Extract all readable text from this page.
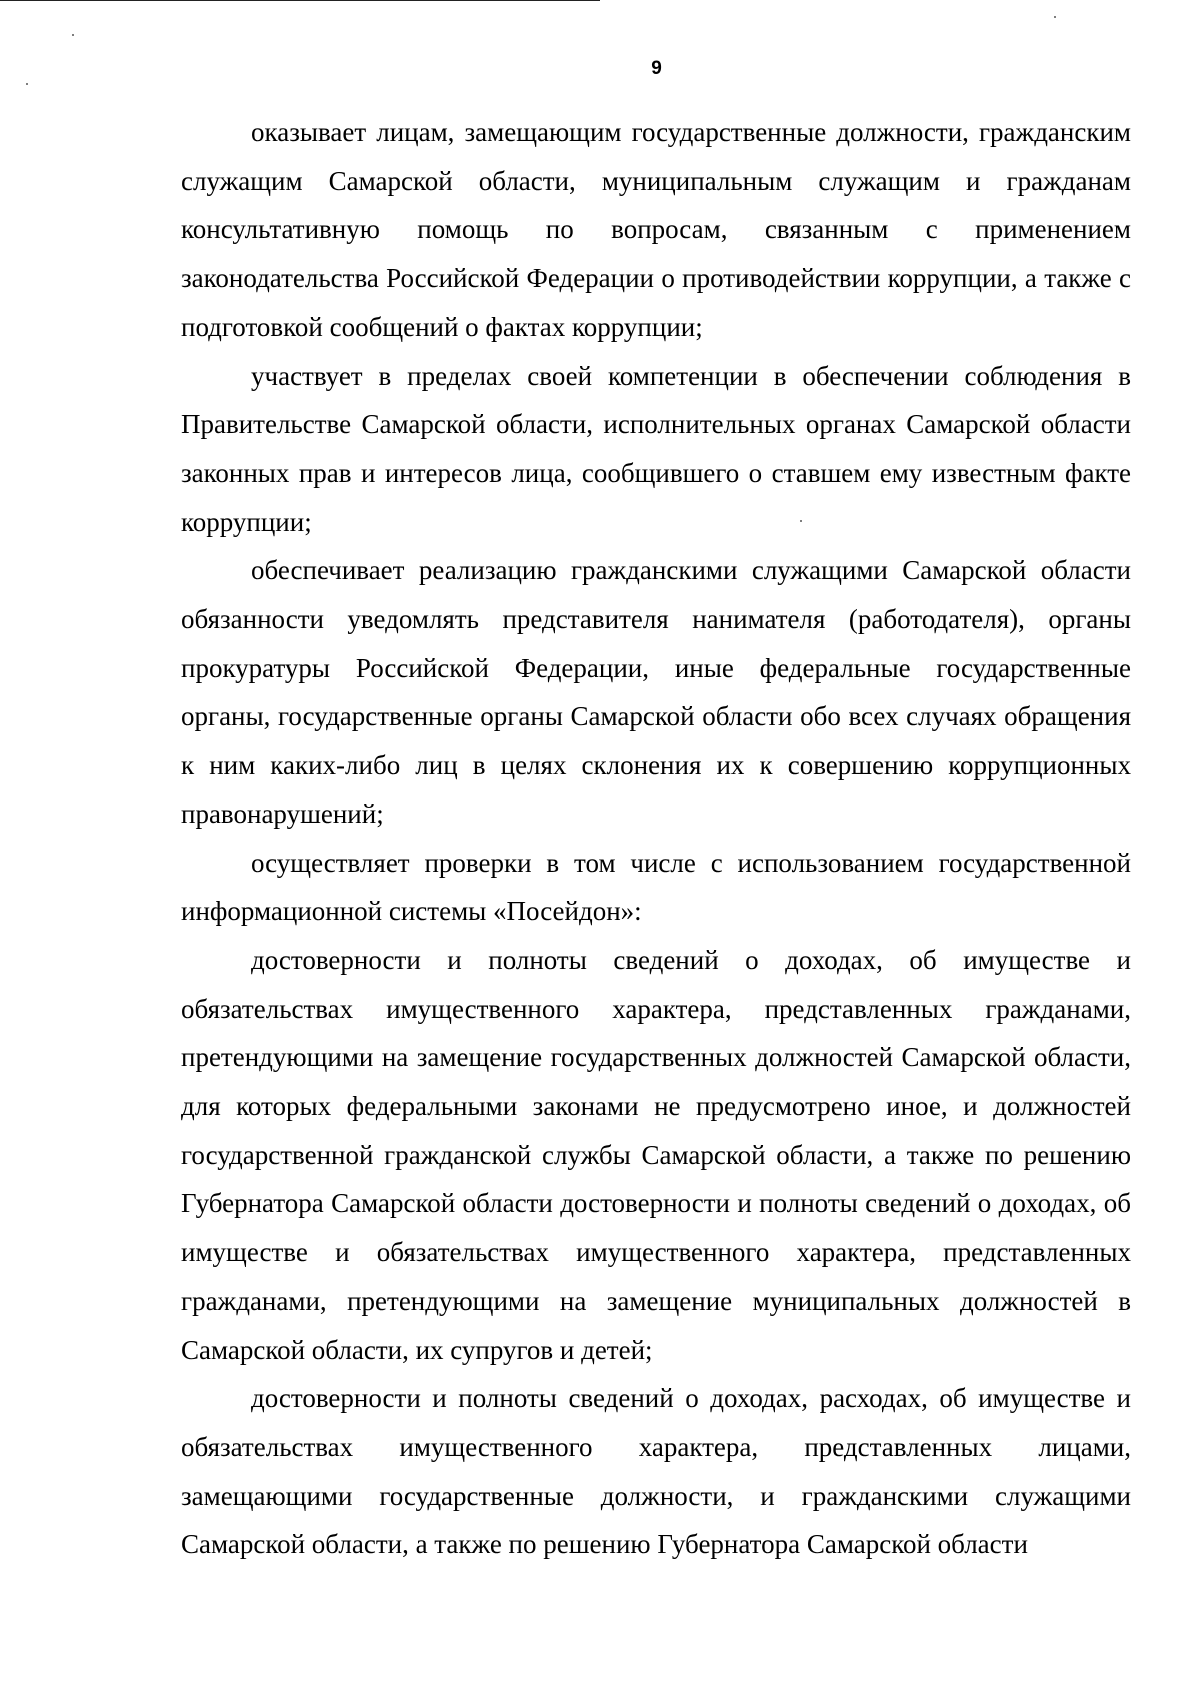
9

оказывает лицам, замещающим государственные должности, гражданским служащим Самарской области, муниципальным служащим и гражданам консультативную помощь по вопросам, связанным с применением законодательства Российской Федерации о противодействии коррупции, а также с подготовкой сообщений о фактах коррупции;

участвует в пределах своей компетенции в обеспечении соблюдения в Правительстве Самарской области, исполнительных органах Самарской области законных прав и интересов лица, сообщившего о ставшем ему известным факте коррупции;

обеспечивает реализацию гражданскими служащими Самарской области обязанности уведомлять представителя нанимателя (работодателя), органы прокуратуры Российской Федерации, иные федеральные государственные органы, государственные органы Самарской области обо всех случаях обращения к ним каких-либо лиц в целях склонения их к совершению коррупционных правонарушений;

осуществляет проверки в том числе с использованием государственной информационной системы «Посейдон»:

достоверности и полноты сведений о доходах, об имуществе и обязательствах имущественного характера, представленных гражданами, претендующими на замещение государственных должностей Самарской области, для которых федеральными законами не предусмотрено иное, и должностей государственной гражданской службы Самарской области, а также по решению Губернатора Самарской области достоверности и полноты сведений о доходах, об имуществе и обязательствах имущественного характера, представленных гражданами, претендующими на замещение муниципальных должностей в Самарской области, их супругов и детей;

достоверности и полноты сведений о доходах, расходах, об имуществе и обязательствах имущественного характера, представленных лицами, замещающими государственные должности, и гражданскими служащими Самарской области, а также по решению Губернатора Самарской области
